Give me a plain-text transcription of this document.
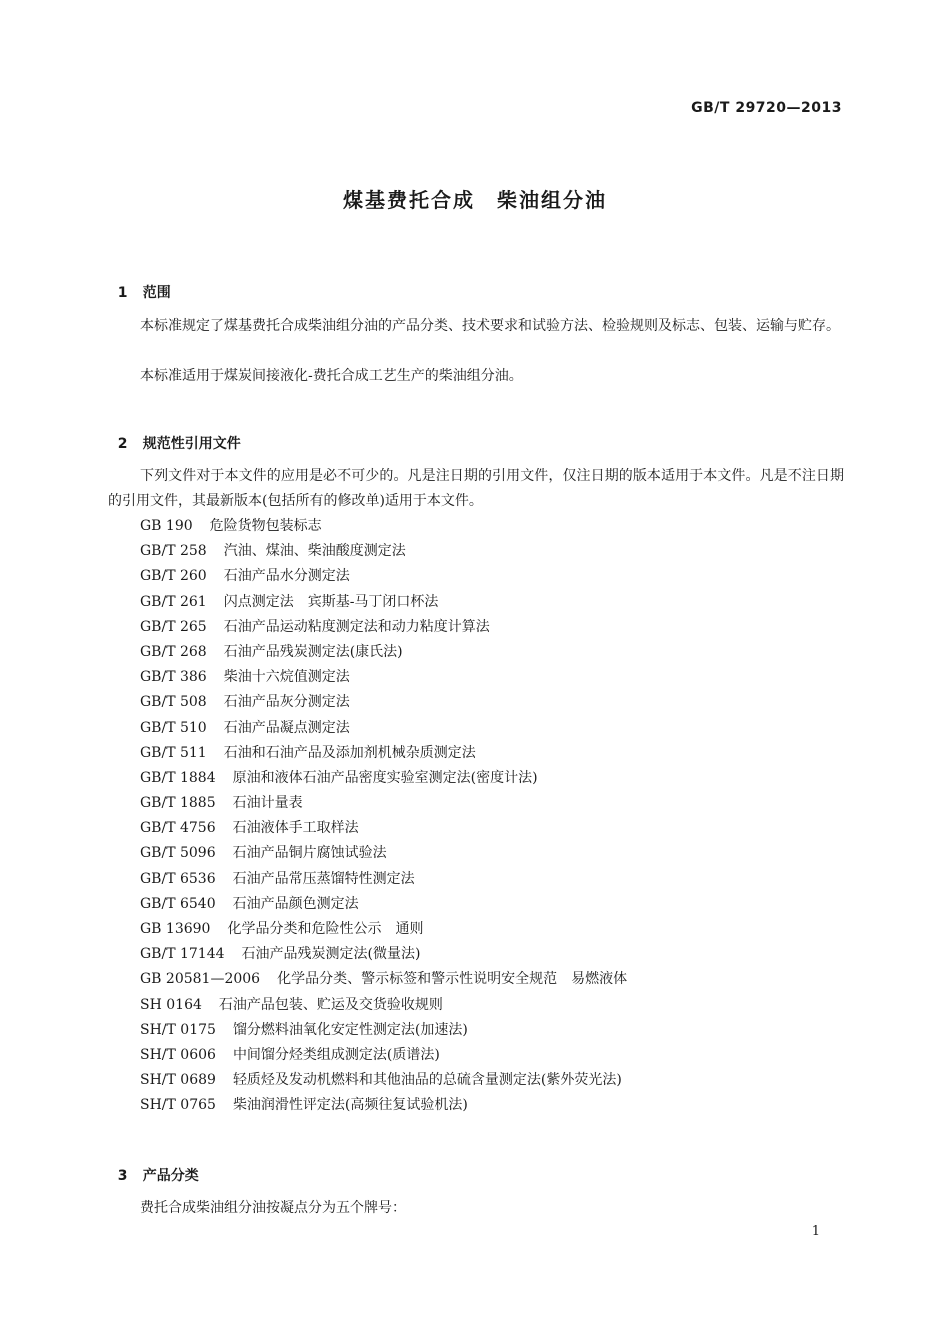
GB/T 29720—2013
煤基费托合成　柴油组分油

1 范围

本标准规定了煤基费托合成柴油组分油的产品分类、技术要求和试验方法、检验规则及标志、包装、运输与贮存。

本标准适用于煤炭间接液化-费托合成工艺生产的柴油组分油。

2 规范性引用文件

下列文件对于本文件的应用是必不可少的。凡是注日期的引用文件，仅注日期的版本适用于本文件。凡是不注日期的引用文件，其最新版本(包括所有的修改单)适用于本文件。

GB 190 危险货物包装标志
GB/T 258 汽油、煤油、柴油酸度测定法
GB/T 260 石油产品水分测定法
GB/T 261 闪点测定法　宾斯基-马丁闭口杯法
GB/T 265 石油产品运动粘度测定法和动力粘度计算法
GB/T 268 石油产品残炭测定法(康氏法)
GB/T 386 柴油十六烷值测定法
GB/T 508 石油产品灰分测定法
GB/T 510 石油产品凝点测定法
GB/T 511 石油和石油产品及添加剂机械杂质测定法
GB/T 1884 原油和液体石油产品密度实验室测定法(密度计法)
GB/T 1885 石油计量表
GB/T 4756 石油液体手工取样法
GB/T 5096 石油产品铜片腐蚀试验法
GB/T 6536 石油产品常压蒸馏特性测定法
GB/T 6540 石油产品颜色测定法
GB 13690 化学品分类和危险性公示　通则
GB/T 17144 石油产品残炭测定法(微量法)
GB 20581—2006 化学品分类、警示标签和警示性说明安全规范　易燃液体
SH 0164 石油产品包装、贮运及交货验收规则
SH/T 0175 馏分燃料油氧化安定性测定法(加速法)
SH/T 0606 中间馏分烃类组成测定法(质谱法)
SH/T 0689 轻质烃及发动机燃料和其他油品的总硫含量测定法(紫外荧光法)
SH/T 0765 柴油润滑性评定法(高频往复试验机法)

3 产品分类

费托合成柴油组分油按凝点分为五个牌号：

1
